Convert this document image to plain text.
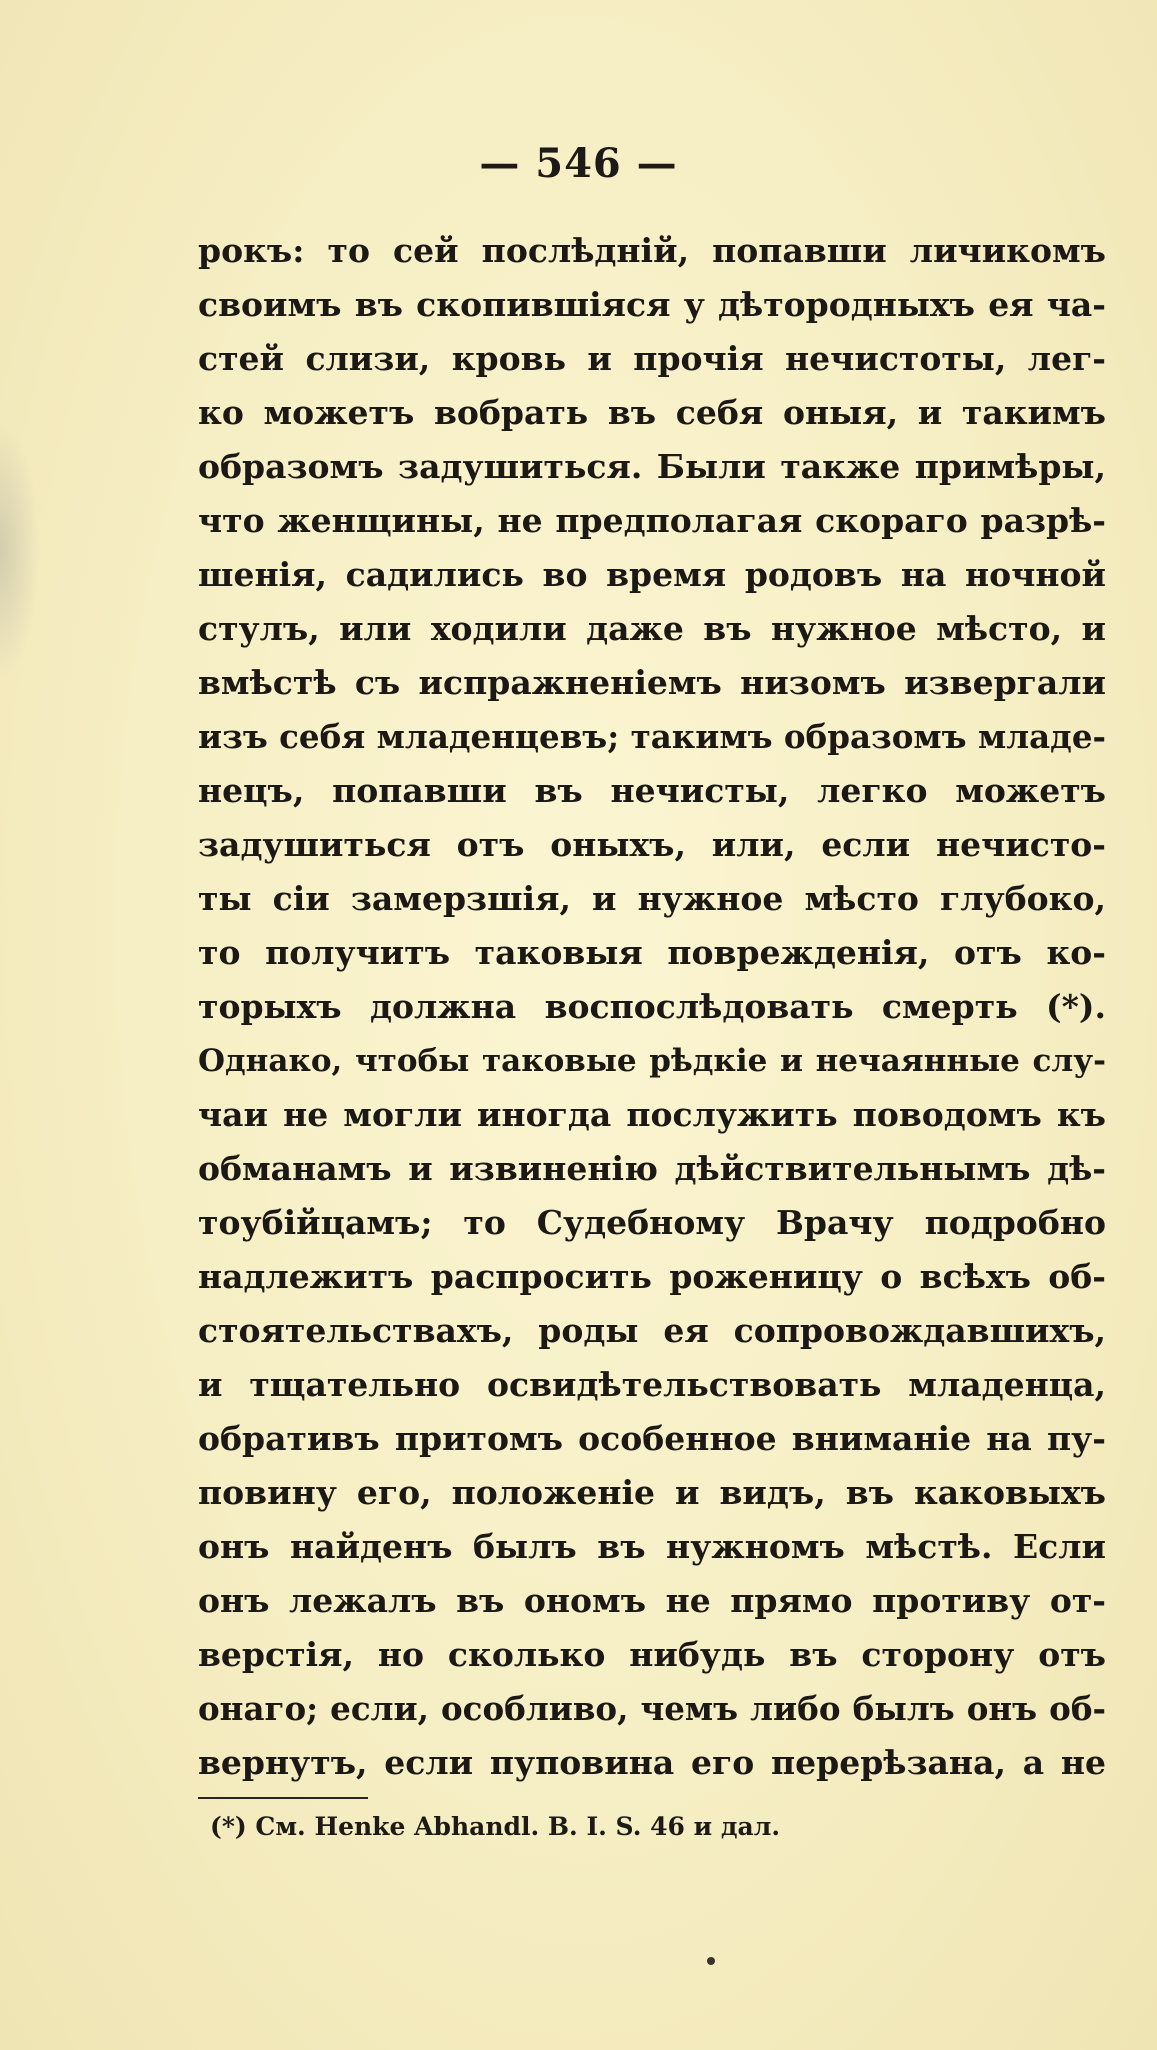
— 546 —
рокъ: то сей послѣднiй, попавши личикомъ
своимъ въ скопившiяся у дѣтородныхъ ея ча-
стей слизи, кровь и прочiя нечистоты, лег-
ко можетъ вобрать въ себя оныя, и такимъ
образомъ задушиться. Были также примѣры,
что женщины, не предполагая скораго разрѣ-
шенiя, садились во время родовъ на ночной
стулъ, или ходили даже въ нужное мѣсто, и
вмѣстѣ съ испражненiемъ низомъ извергали
изъ себя младенцевъ; такимъ образомъ младе-
нецъ, попавши въ нечисты, легко можетъ
задушиться отъ оныхъ, или, если нечисто-
ты сiи замерзшiя, и нужное мѣсто глубоко,
то получитъ таковыя поврежденiя, отъ ко-
торыхъ должна воспослѣдовать смерть (*).
Однако, чтобы таковые рѣдкiе и нечаянные слу-
чаи не могли иногда послужить поводомъ къ
обманамъ и извиненiю дѣйствительнымъ дѣ-
тоубiйцамъ; то Судебному Врачу подробно
надлежитъ распросить роженицу о всѣхъ об-
стоятельствахъ, роды ея сопровождавшихъ,
и тщательно освидѣтельствовать младенца,
обративъ притомъ особенное вниманiе на пу-
повину его, положенiе и видъ, въ каковыхъ
онъ найденъ былъ въ нужномъ мѣстѣ. Если
онъ лежалъ въ ономъ не прямо противу от-
верстiя, но сколько нибудь въ сторону отъ
онаго; если, особливо, чемъ либо былъ онъ об-
вернутъ, если пуповина его перерѣзана, а не
(*) См. Henke Abhandl. B. I. S. 46 и дал.
